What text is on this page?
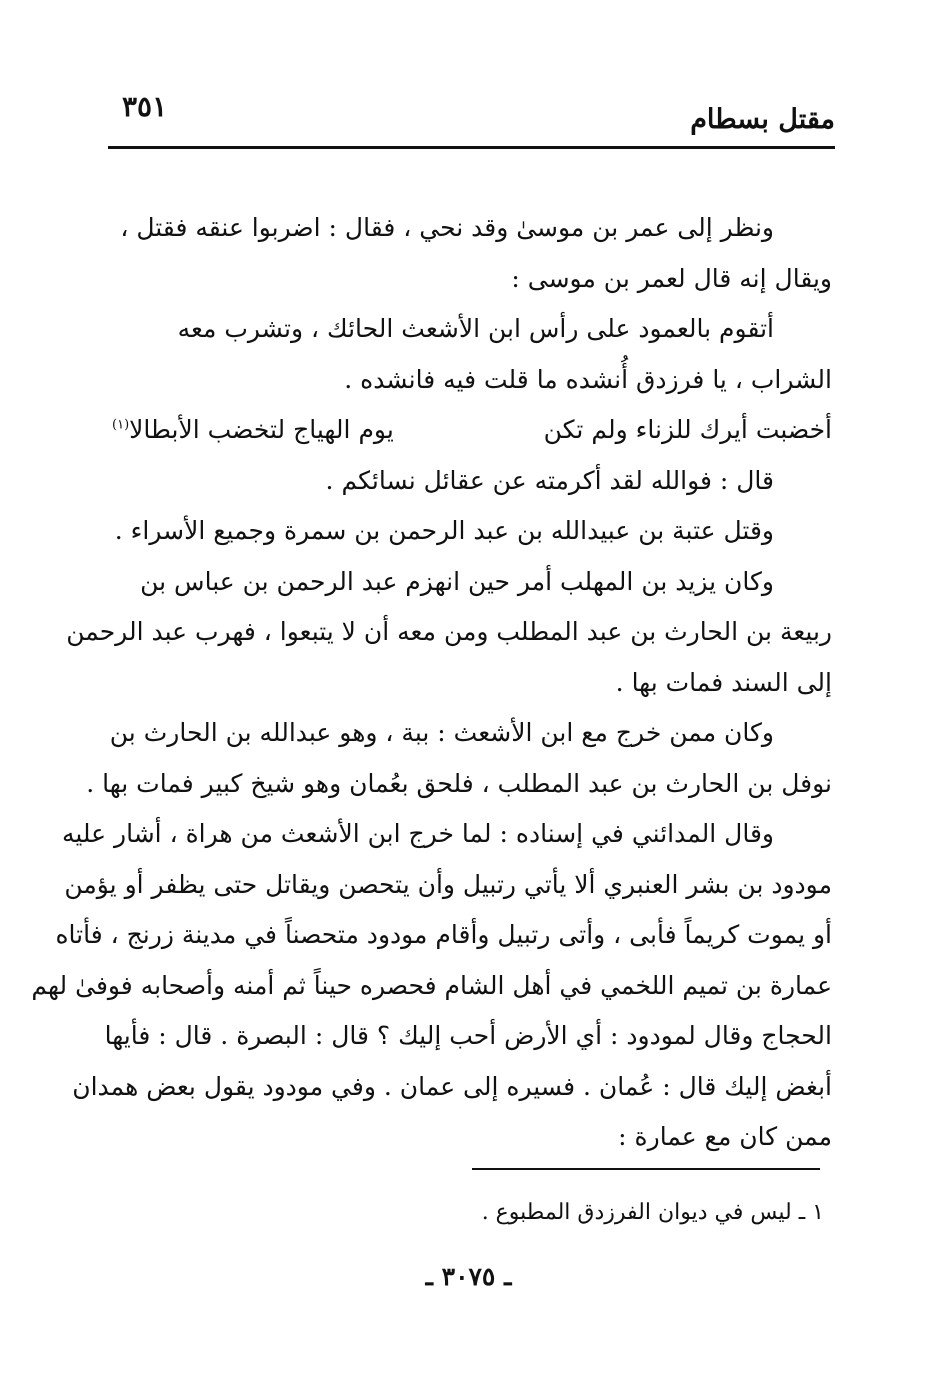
٣٥١	مقتل بسطام
ونظر إلى عمر بن موسىٰ وقد نحي ، فقال : اضربوا عنقه فقتل ،
ويقال إنه قال لعمر بن موسى :
أتقوم بالعمود على رأس ابن الأشعث الحائك ، وتشرب معه
الشراب ، يا فرزدق أُنشده ما قلت فيه فانشده .
أخضبت أيرك للزناء ولم تكن
يوم الهياج لتخضب الأبطالا$^{(١)}$
قال : فوالله لقد أكرمته عن عقائل نسائكم .
وقتل عتبة بن عبيدالله بن عبد الرحمن بن سمرة وجميع الأسراء .
وكان يزيد بن المهلب أمر حين انهزم عبد الرحمن بن عباس بن
ربيعة بن الحارث بن عبد المطلب ومن معه أن لا يتبعوا ، فهرب عبد الرحمن
إلى السند فمات بها .
وكان ممن خرج مع ابن الأشعث : ببة ، وهو عبدالله بن الحارث بن
نوفل بن الحارث بن عبد المطلب ، فلحق بعُمان وهو شيخ كبير فمات بها .
وقال المدائني في إسناده : لما خرج ابن الأشعث من هراة ، أشار عليه
مودود بن بشر العنبري ألا يأتي رتبيل وأن يتحصن ويقاتل حتى يظفر أو يؤمن
أو يموت كريماً فأبى ، وأتى رتبيل وأقام مودود متحصناً في مدينة زرنج ، فأتاه
عمارة بن تميم اللخمي في أهل الشام فحصره حيناً ثم أمنه وأصحابه فوفىٰ لهم
الحجاج وقال لمودود : أي الأرض أحب إليك ؟ قال : البصرة . قال : فأيها
أبغض إليك قال : عُمان . فسيره إلى عمان . وفي مودود يقول بعض همدان
ممن كان مع عمارة :
١ ـ ليس في ديوان الفرزدق المطبوع .
ـ ٣٠٧٥ ـ
